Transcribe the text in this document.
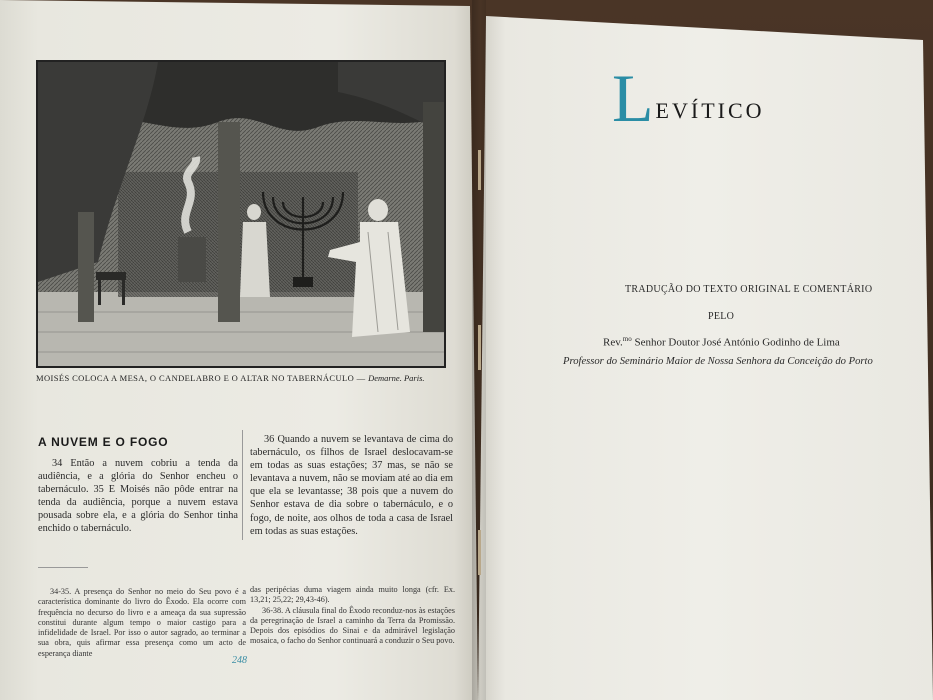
MOISÉS COLOCA A MESA, O CANDELABRO E O ALTAR NO TABERNÁCULO — Demarne. Paris.
A NUVEM E O FOGO
34 Então a nuvem cobriu a tenda da audiência, e a glória do Senhor encheu o tabernáculo. 35 E Moisés não pôde entrar na tenda da audiência, porque a nuvem estava pousada sobre ela, e a glória do Senhor tinha enchido o tabernáculo.
36 Quando a nuvem se levantava de cima do tabernáculo, os filhos de Israel deslocavam-se em todas as suas estações; 37 mas, se não se levantava a nuvem, não se moviam até ao dia em que ela se levantasse; 38 pois que a nuvem do Senhor estava de dia sobre o tabernáculo, e o fogo, de noite, aos olhos de toda a casa de Israel em todas as suas estações.
34-35. A presença do Senhor no meio do Seu povo é a característica dominante do livro do Êxodo. Ela ocorre com frequência no decurso do livro e a ameaça da sua supressão constitui durante algum tempo o maior castigo para a infidelidade de Israel. Por isso o autor sagrado, ao terminar a sua obra, quis afirmar essa presença como um acto de esperança diante

das peripécias duma viagem ainda muito longa (cfr. Ex. 13,21; 25,22; 29,43-46).

36-38. A cláusula final do Êxodo reconduz-nos às estações da peregrinação de Israel a caminho da Terra da Promissão. Depois dos episódios do Sinai e da admirável legislação mosaica, o facho do Senhor continuará a conduzir o Seu povo.

248
LEVÍTICO
TRADUÇÃO DO TEXTO ORIGINAL E COMENTÁRIO
PELO
Rev.$^{mo}$ Senhor Doutor José António Godinho de Lima
Professor do Seminário Maior de Nossa Senhora da Conceição do Porto
